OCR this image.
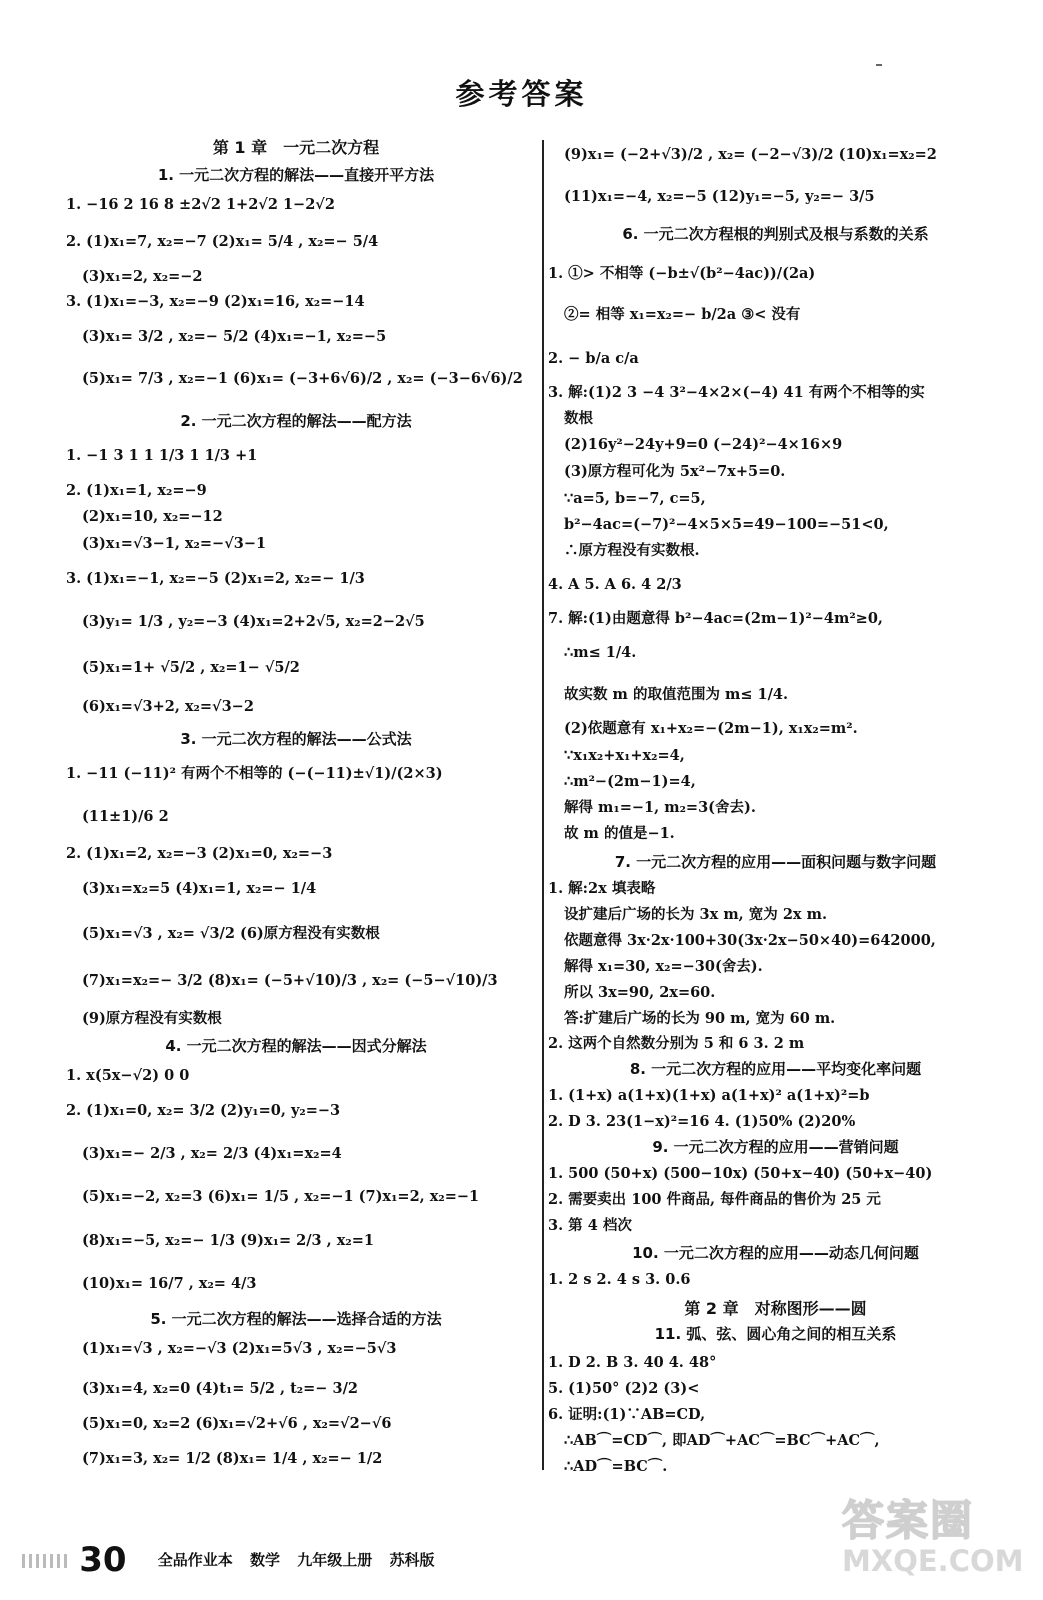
参考答案
第 1 章　一元二次方程
1. 一元二次方程的解法——直接开平方法
1. −16 2 16 8 ±2√2 1+2√2 1−2√2
2. (1)x₁=7, x₂=−7 (2)x₁= 5/4 , x₂=− 5/4
(3)x₁=2, x₂=−2
3. (1)x₁=−3, x₂=−9 (2)x₁=16, x₂=−14
(3)x₁= 3/2 , x₂=− 5/2 (4)x₁=−1, x₂=−5
(5)x₁= 7/3 , x₂=−1 (6)x₁= (−3+6√6)/2 , x₂= (−3−6√6)/2
2. 一元二次方程的解法——配方法
1. −1 3 1 1 1/3 1 1/3 +1
2. (1)x₁=1, x₂=−9
(2)x₁=10, x₂=−12
(3)x₁=√3−1, x₂=−√3−1
3. (1)x₁=−1, x₂=−5 (2)x₁=2, x₂=− 1/3
(3)y₁= 1/3 , y₂=−3 (4)x₁=2+2√5, x₂=2−2√5
(5)x₁=1+ √5/2 , x₂=1− √5/2
(6)x₁=√3+2, x₂=√3−2
3. 一元二次方程的解法——公式法
1. −11 (−11)² 有两个不相等的 (−(−11)±√1)/(2×3)
(11±1)/6 2
2. (1)x₁=2, x₂=−3 (2)x₁=0, x₂=−3
(3)x₁=x₂=5 (4)x₁=1, x₂=− 1/4
(5)x₁=√3 , x₂= √3/2 (6)原方程没有实数根
(7)x₁=x₂=− 3/2 (8)x₁= (−5+√10)/3 , x₂= (−5−√10)/3
(9)原方程没有实数根
4. 一元二次方程的解法——因式分解法
1. x(5x−√2) 0 0
2. (1)x₁=0, x₂= 3/2 (2)y₁=0, y₂=−3
(3)x₁=− 2/3 , x₂= 2/3 (4)x₁=x₂=4
(5)x₁=−2, x₂=3 (6)x₁= 1/5 , x₂=−1 (7)x₁=2, x₂=−1
(8)x₁=−5, x₂=− 1/3 (9)x₁= 2/3 , x₂=1
(10)x₁= 16/7 , x₂= 4/3
5. 一元二次方程的解法——选择合适的方法
(1)x₁=√3 , x₂=−√3 (2)x₁=5√3 , x₂=−5√3
(3)x₁=4, x₂=0 (4)t₁= 5/2 , t₂=− 3/2
(5)x₁=0, x₂=2 (6)x₁=√2+√6 , x₂=√2−√6
(7)x₁=3, x₂= 1/2 (8)x₁= 1/4 , x₂=− 1/2
(9)x₁= (−2+√3)/2 , x₂= (−2−√3)/2 (10)x₁=x₂=2
(11)x₁=−4, x₂=−5 (12)y₁=−5, y₂=− 3/5
6. 一元二次方程根的判别式及根与系数的关系
1. ①> 不相等 (−b±√(b²−4ac))/(2a)
②= 相等 x₁=x₂=− b/2a ③< 没有
2. − b/a c/a
3. 解:(1)2 3 −4 3²−4×2×(−4) 41 有两个不相等的实
数根
(2)16y²−24y+9=0 (−24)²−4×16×9
(3)原方程可化为 5x²−7x+5=0.
∵a=5, b=−7, c=5,
b²−4ac=(−7)²−4×5×5=49−100=−51<0,
∴原方程没有实数根.
4. A 5. A 6. 4 2/3
7. 解:(1)由题意得 b²−4ac=(2m−1)²−4m²≥0,
∴m≤ 1/4.
故实数 m 的取值范围为 m≤ 1/4.
(2)依题意有 x₁+x₂=−(2m−1), x₁x₂=m².
∵x₁x₂+x₁+x₂=4,
∴m²−(2m−1)=4,
解得 m₁=−1, m₂=3(舍去).
故 m 的值是−1.
7. 一元二次方程的应用——面积问题与数字问题
1. 解:2x 填表略
设扩建后广场的长为 3x m, 宽为 2x m.
依题意得 3x·2x·100+30(3x·2x−50×40)=642000,
解得 x₁=30, x₂=−30(舍去).
所以 3x=90, 2x=60.
答:扩建后广场的长为 90 m, 宽为 60 m.
2. 这两个自然数分别为 5 和 6 3. 2 m
8. 一元二次方程的应用——平均变化率问题
1. (1+x) a(1+x)(1+x) a(1+x)² a(1+x)²=b
2. D 3. 23(1−x)²=16 4. (1)50% (2)20%
9. 一元二次方程的应用——营销问题
1. 500 (50+x) (500−10x) (50+x−40) (50+x−40)
2. 需要卖出 100 件商品, 每件商品的售价为 25 元
3. 第 4 档次
10. 一元二次方程的应用——动态几何问题
1. 2 s 2. 4 s 3. 0.6
第 2 章　对称图形——圆
11. 弧、弦、圆心角之间的相互关系
1. D 2. B 3. 40 4. 48°
5. (1)50° (2)2 (3)<
6. 证明:(1)∵AB=CD,
∴AB⌒=CD⌒, 即AD⌒+AC⌒=BC⌒+AC⌒,
∴AD⌒=BC⌒.
30 全品作业本 数学 九年级上册 苏科版
答案圈
MXQE.COM
